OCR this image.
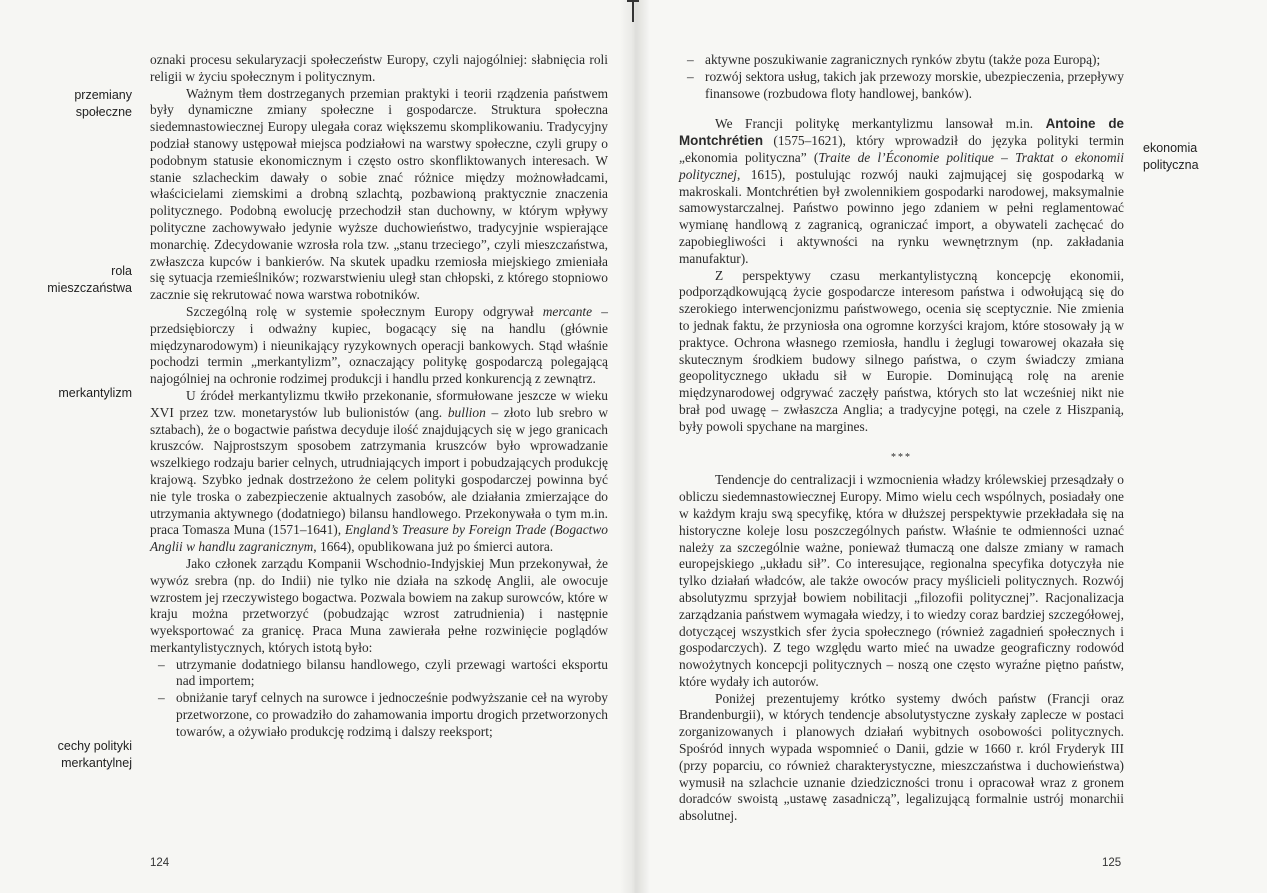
przemiany
społeczne
rola
mieszczaństwa
merkantylizm
cechy polityki
merkantylnej

oznaki procesu sekularyzacji społeczeństw Europy, czyli najogólniej: słabnięcia roli religii w życiu społecznym i politycznym.

Ważnym tłem dostrzeganych przemian praktyki i teorii rządzenia państwem były dynamiczne zmiany społeczne i gospodarcze. Struktura społeczna siedemnastowiecznej Europy ulegała coraz większemu skomplikowaniu. Tradycyjny podział stanowy ustępował miejsca podziałowi na warstwy społeczne, czyli grupy o podobnym statusie ekonomicznym i często ostro skonfliktowanych interesach. W stanie szlacheckim dawały o sobie znać różnice między możnowładcami, właścicielami ziemskimi a drobną szlachtą, pozbawioną praktycznie znaczenia politycznego. Podobną ewolucję przechodził stan duchowny, w którym wpływy polityczne zachowywało jedynie wyższe duchowieństwo, tradycyjnie wspierające monarchię. Zdecydowanie wzrosła rola tzw. „stanu trzeciego”, czyli mieszczaństwa, zwłaszcza kupców i bankierów. Na skutek upadku rzemiosła miejskiego zmieniała się sytuacja rzemieślników; rozwarstwieniu uległ stan chłopski, z którego stopniowo zacznie się rekrutować nowa warstwa robotników.

Szczególną rolę w systemie społecznym Europy odgrywał mercante – przedsiębiorczy i odważny kupiec, bogacący się na handlu (głównie międzynarodowym) i nieunikający ryzykownych operacji bankowych. Stąd właśnie pochodzi termin „merkantylizm”, oznaczający politykę gospodarczą polegającą najogólniej na ochronie rodzimej produkcji i handlu przed konkurencją z zewnątrz.

U źródeł merkantylizmu tkwiło przekonanie, sformułowane jeszcze w wieku XVI przez tzw. monetarystów lub bulionistów (ang. bullion – złoto lub srebro w sztabach), że o bogactwie państwa decyduje ilość znajdujących się w jego granicach kruszców. Najprostszym sposobem zatrzymania kruszców było wprowadzanie wszelkiego rodzaju barier celnych, utrudniających import i pobudzających produkcję krajową. Szybko jednak dostrzeżono że celem polityki gospodarczej powinna być nie tyle troska o zabezpieczenie aktualnych zasobów, ale działania zmierzające do utrzymania aktywnego (dodatniego) bilansu handlowego. Przekonywała o tym m.in. praca Tomasza Muna (1571–1641), England’s Treasure by Foreign Trade (Bogactwo Anglii w handlu zagranicznym, 1664), opublikowana już po śmierci autora.

Jako członek zarządu Kompanii Wschodnio-Indyjskiej Mun przekonywał, że wywóz srebra (np. do Indii) nie tylko nie działa na szkodę Anglii, ale owocuje wzrostem jej rzeczywistego bogactwa. Pozwala bowiem na zakup surowców, które w kraju można przetworzyć (pobudzając wzrost zatrudnienia) i następnie wyeksportować za granicę. Praca Muna zawierała pełne rozwinięcie poglądów merkantylistycznych, których istotą było:

– utrzymanie dodatniego bilansu handlowego, czyli przewagi wartości eksportu nad importem;
– obniżanie taryf celnych na surowce i jednocześnie podwyższanie ceł na wyroby przetworzone, co prowadziło do zahamowania importu drogich przetworzonych towarów, a ożywiało produkcję rodzimą i dalszy reeksport;
124
– aktywne poszukiwanie zagranicznych rynków zbytu (także poza Europą);
– rozwój sektora usług, takich jak przewozy morskie, ubezpieczenia, przepływy finansowe (rozbudowa floty handlowej, banków).

We Francji politykę merkantylizmu lansował m.in. Antoine de Montchrétien (1575–1621), który wprowadził do języka polityki termin „ekonomia polityczna” (Traite de l’Économie politique – Traktat o ekonomii politycznej, 1615), postulując rozwój nauki zajmującej się gospodarką w makroskali. Montchrétien był zwolennikiem gospodarki narodowej, maksymalnie samowystarczalnej. Państwo powinno jego zdaniem w pełni reglamentować wymianę handlową z zagranicą, ograniczać import, a obywateli zachęcać do zapobiegliwości i aktywności na rynku wewnętrznym (np. zakładania manufaktur).

Z perspektywy czasu merkantylistyczną koncepcję ekonomii, podporządkowującą życie gospodarcze interesom państwa i odwołującą się do szerokiego interwencjonizmu państwowego, ocenia się sceptycznie. Nie zmienia to jednak faktu, że przyniosła ona ogromne korzyści krajom, które stosowały ją w praktyce. Ochrona własnego rzemiosła, handlu i żeglugi towarowej okazała się skutecznym środkiem budowy silnego państwa, o czym świadczy zmiana geopolitycznego układu sił w Europie. Dominującą rolę na arenie międzynarodowej odgrywać zaczęły państwa, których sto lat wcześniej nikt nie brał pod uwagę – zwłaszcza Anglia; a tradycyjne potęgi, na czele z Hiszpanią, były powoli spychane na margines.

***

Tendencje do centralizacji i wzmocnienia władzy królewskiej przesądzały o obliczu siedemnastowiecznej Europy. Mimo wielu cech wspólnych, posiadały one w każdym kraju swą specyfikę, która w dłuższej perspektywie przekładała się na historyczne koleje losu poszczególnych państw. Właśnie te odmienności uznać należy za szczególnie ważne, ponieważ tłumaczą one dalsze zmiany w ramach europejskiego „układu sił”. Co interesujące, regionalna specyfika dotyczyła nie tylko działań władców, ale także owoców pracy myślicieli politycznych. Rozwój absolutyzmu sprzyjał bowiem nobilitacji „filozofii politycznej”. Racjonalizacja zarządzania państwem wymagała wiedzy, i to wiedzy coraz bardziej szczegółowej, dotyczącej wszystkich sfer życia społecznego (również zagadnień społecznych i gospodarczych). Z tego względu warto mieć na uwadze geograficzny rodowód nowożytnych koncepcji politycznych – noszą one często wyraźne piętno państw, które wydały ich autorów.

Poniżej prezentujemy krótko systemy dwóch państw (Francji oraz Brandenburgii), w których tendencje absolutystyczne zyskały zaplecze w postaci zorganizowanych i planowych działań wybitnych osobowości politycznych. Spośród innych wypada wspomnieć o Danii, gdzie w 1660 r. król Fryderyk III (przy poparciu, co również charakterystyczne, mieszczaństwa i duchowieństwa) wymusił na szlachcie uznanie dziedziczności tronu i opracował wraz z gronem doradców swoistą „ustawę zasadniczą”, legalizującą formalnie ustrój monarchii absolutnej.

ekonomia
polityczna
125
